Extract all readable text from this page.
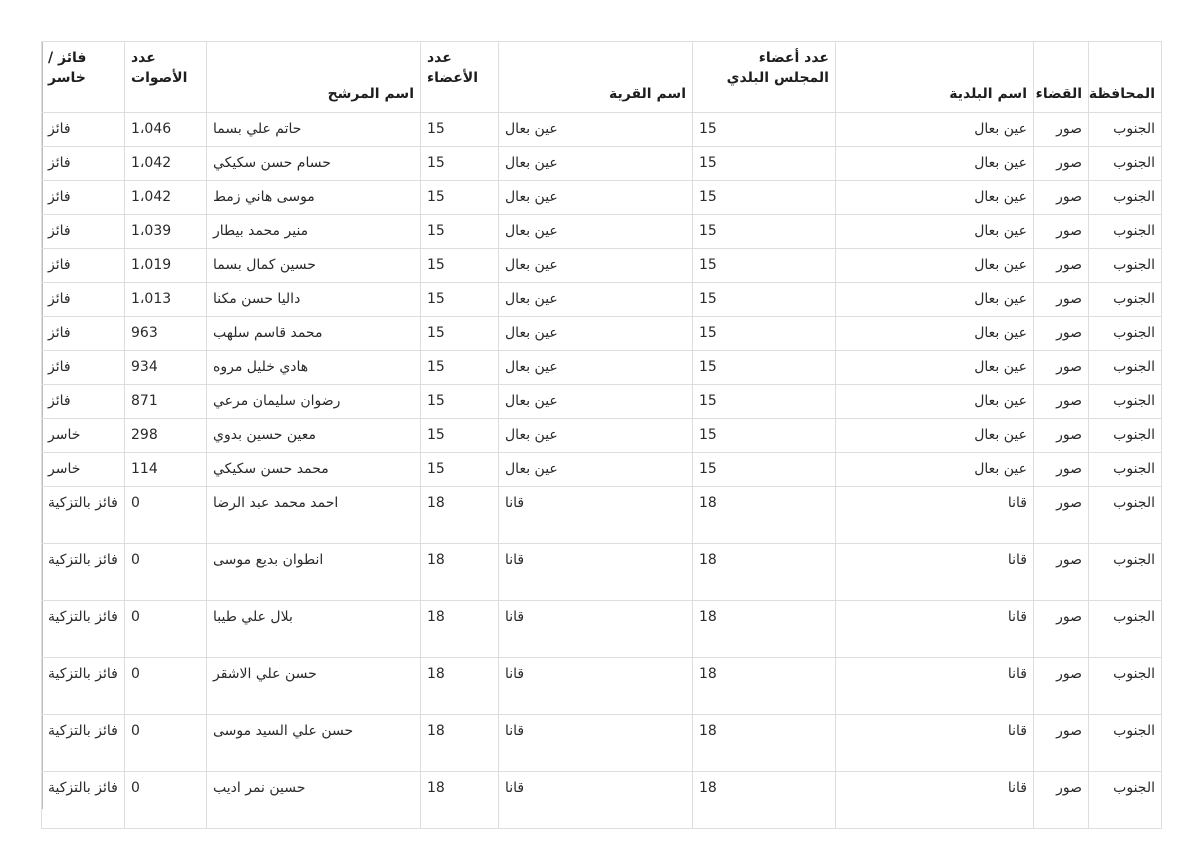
المحافظة	القضاء	اسم البلدية	عدد أعضاء المجلس البلدي	اسم القرية	عدد الأعضاء	اسم المرشح	عدد الأصوات	فائز / خاسر
الجنوب	صور	عين بعال	15	عين بعال	15	حاتم علي بسما	1،046	فائز
الجنوب	صور	عين بعال	15	عين بعال	15	حسام حسن سكيكي	1،042	فائز
الجنوب	صور	عين بعال	15	عين بعال	15	موسى هاني زمط	1،042	فائز
الجنوب	صور	عين بعال	15	عين بعال	15	منير محمد بيطار	1،039	فائز
الجنوب	صور	عين بعال	15	عين بعال	15	حسين كمال بسما	1،019	فائز
الجنوب	صور	عين بعال	15	عين بعال	15	داليا حسن مكنا	1،013	فائز
الجنوب	صور	عين بعال	15	عين بعال	15	محمد قاسم سلهب	963	فائز
الجنوب	صور	عين بعال	15	عين بعال	15	هادي خليل مروه	934	فائز
الجنوب	صور	عين بعال	15	عين بعال	15	رضوان سليمان مرعي	871	فائز
الجنوب	صور	عين بعال	15	عين بعال	15	معين حسين بدوي	298	خاسر
الجنوب	صور	عين بعال	15	عين بعال	15	محمد حسن سكيكي	114	خاسر
الجنوب	صور	قانا	18	قانا	18	احمد محمد عبد الرضا	0	فائز بالتزكية
الجنوب	صور	قانا	18	قانا	18	انطوان بديع موسى	0	فائز بالتزكية
الجنوب	صور	قانا	18	قانا	18	بلال علي طيبا	0	فائز بالتزكية
الجنوب	صور	قانا	18	قانا	18	حسن علي الاشقر	0	فائز بالتزكية
الجنوب	صور	قانا	18	قانا	18	حسن علي السيد موسى	0	فائز بالتزكية
الجنوب	صور	قانا	18	قانا	18	حسين نمر اديب	0	فائز بالتزكية
